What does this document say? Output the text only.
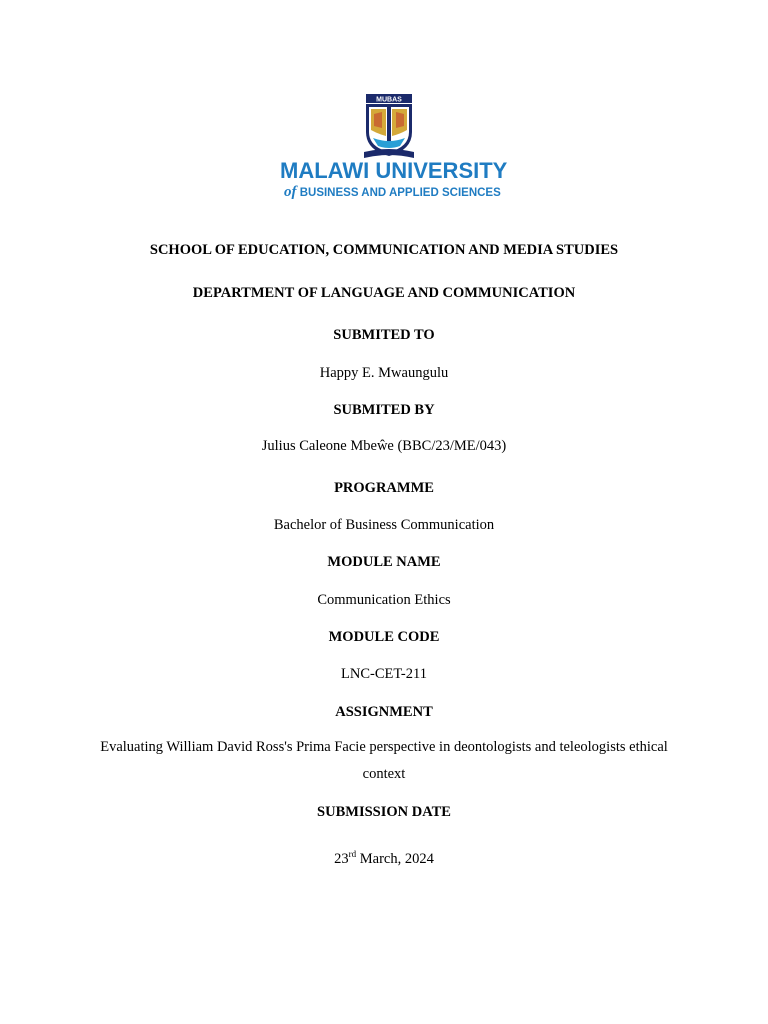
MUBAS
MALAWI UNIVERSITY
of BUSINESS AND APPLIED SCIENCES
SCHOOL OF EDUCATION, COMMUNICATION AND MEDIA STUDIES
DEPARTMENT OF LANGUAGE AND COMMUNICATION
SUBMITED TO
Happy E. Mwaungulu
SUBMITED BY
Julius Caleone Mbeŵe (BBC/23/ME/043)
PROGRAMME
Bachelor of Business Communication
MODULE NAME
Communication Ethics
MODULE CODE
LNC-CET-211
ASSIGNMENT
Evaluating William David Ross's Prima Facie perspective in deontologists and teleologists ethical context
SUBMISSION DATE
23rd March, 2024
